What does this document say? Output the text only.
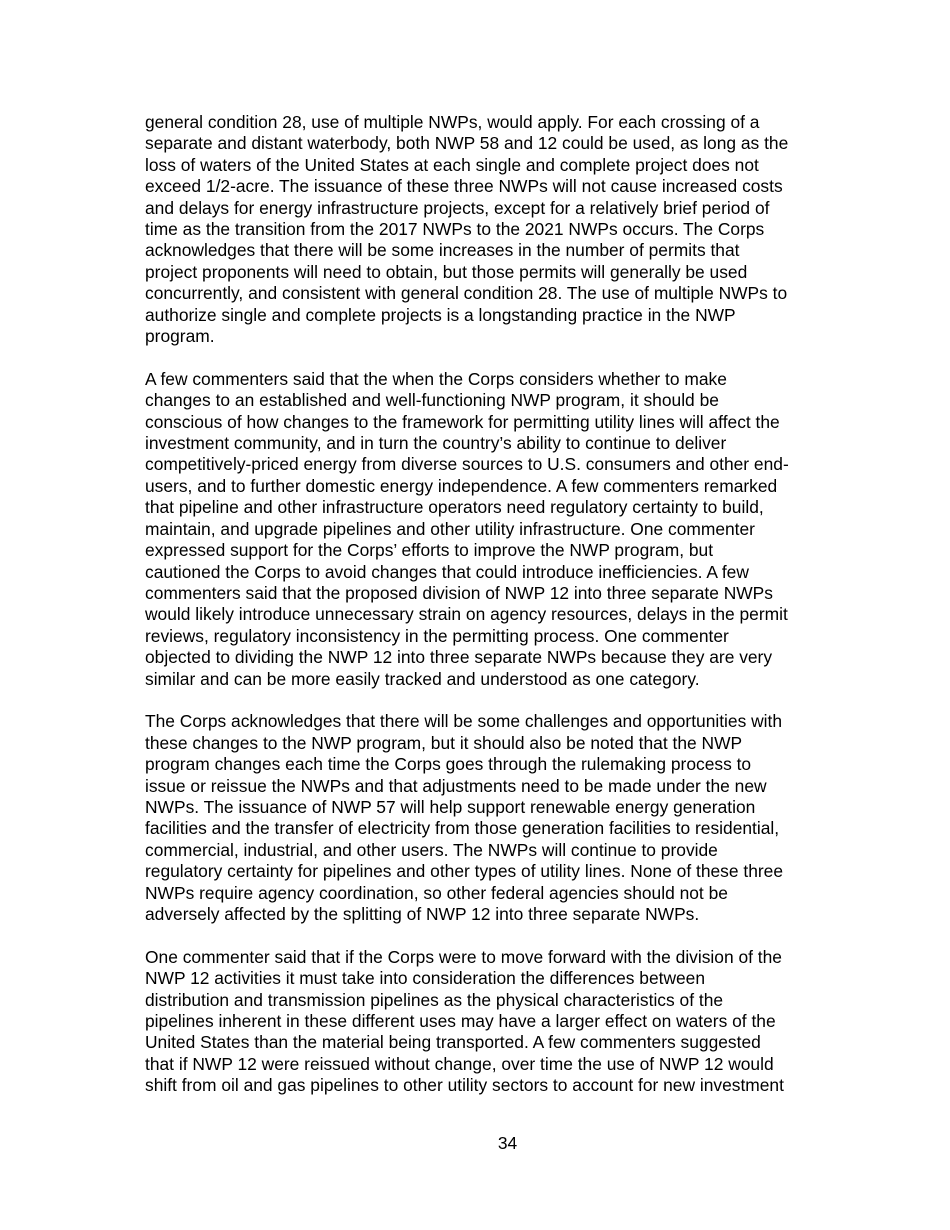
general condition 28, use of multiple NWPs, would apply. For each crossing of a
separate and distant waterbody, both NWP 58 and 12 could be used, as long as the
loss of waters of the United States at each single and complete project does not
exceed 1/2-acre. The issuance of these three NWPs will not cause increased costs
and delays for energy infrastructure projects, except for a relatively brief period of
time as the transition from the 2017 NWPs to the 2021 NWPs occurs. The Corps
acknowledges that there will be some increases in the number of permits that
project proponents will need to obtain, but those permits will generally be used
concurrently, and consistent with general condition 28. The use of multiple NWPs to
authorize single and complete projects is a longstanding practice in the NWP
program.

A few commenters said that the when the Corps considers whether to make
changes to an established and well-functioning NWP program, it should be
conscious of how changes to the framework for permitting utility lines will affect the
investment community, and in turn the country’s ability to continue to deliver
competitively-priced energy from diverse sources to U.S. consumers and other end-
users, and to further domestic energy independence. A few commenters remarked
that pipeline and other infrastructure operators need regulatory certainty to build,
maintain, and upgrade pipelines and other utility infrastructure. One commenter
expressed support for the Corps’ efforts to improve the NWP program, but
cautioned the Corps to avoid changes that could introduce inefficiencies. A few
commenters said that the proposed division of NWP 12 into three separate NWPs
would likely introduce unnecessary strain on agency resources, delays in the permit
reviews, regulatory inconsistency in the permitting process. One commenter
objected to dividing the NWP 12 into three separate NWPs because they are very
similar and can be more easily tracked and understood as one category.

The Corps acknowledges that there will be some challenges and opportunities with
these changes to the NWP program, but it should also be noted that the NWP
program changes each time the Corps goes through the rulemaking process to
issue or reissue the NWPs and that adjustments need to be made under the new
NWPs. The issuance of NWP 57 will help support renewable energy generation
facilities and the transfer of electricity from those generation facilities to residential,
commercial, industrial, and other users. The NWPs will continue to provide
regulatory certainty for pipelines and other types of utility lines. None of these three
NWPs require agency coordination, so other federal agencies should not be
adversely affected by the splitting of NWP 12 into three separate NWPs.

One commenter said that if the Corps were to move forward with the division of the
NWP 12 activities it must take into consideration the differences between
distribution and transmission pipelines as the physical characteristics of the
pipelines inherent in these different uses may have a larger effect on waters of the
United States than the material being transported. A few commenters suggested
that if NWP 12 were reissued without change, over time the use of NWP 12 would
shift from oil and gas pipelines to other utility sectors to account for new investment

34
